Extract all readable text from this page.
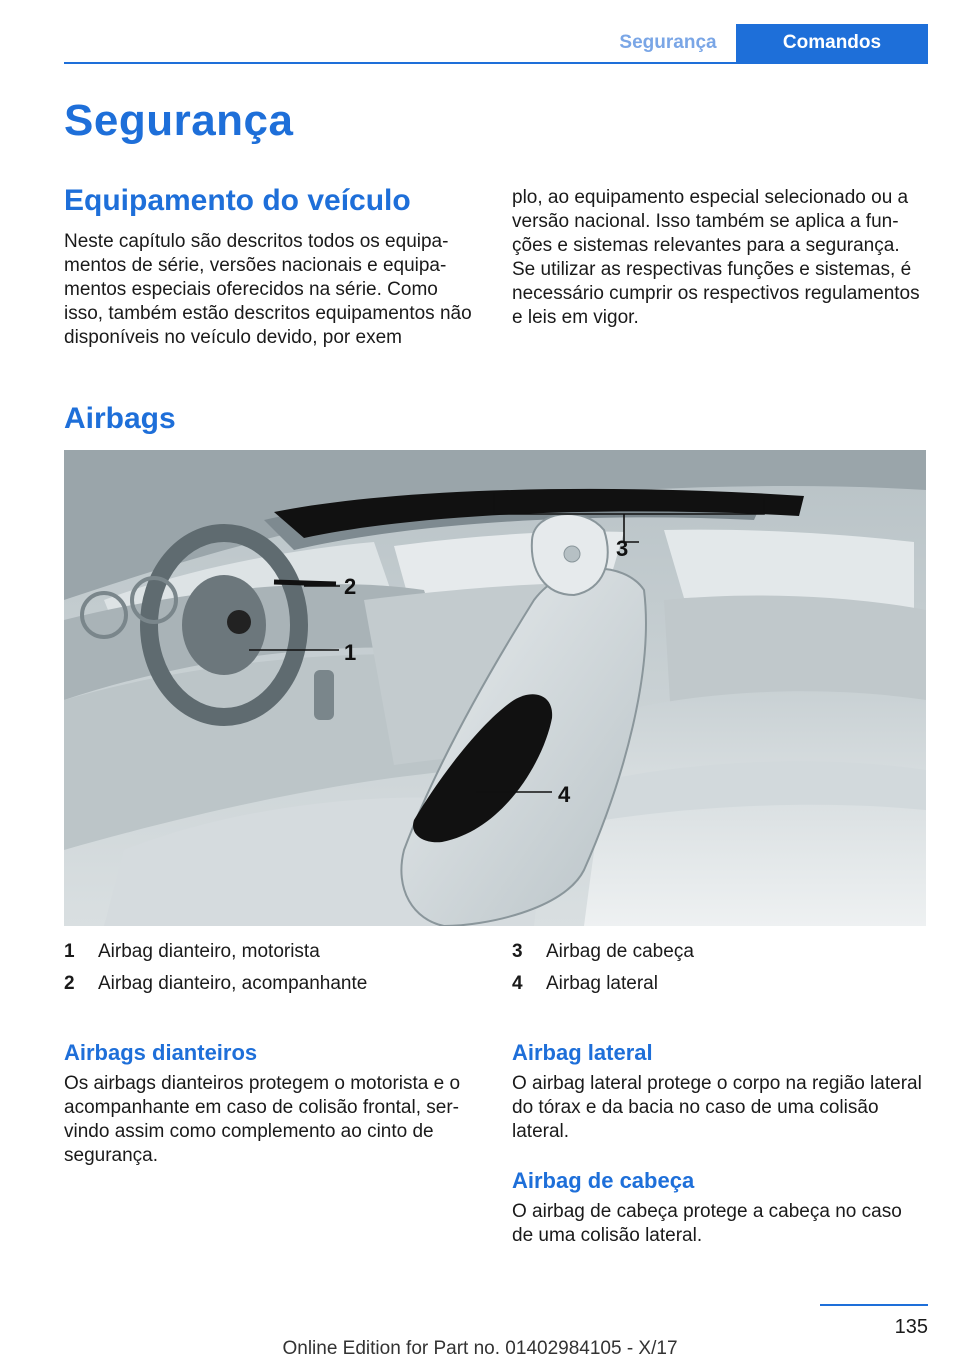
Segurança	Comandos
Segurança
Equipamento do veículo

Neste capítulo são descritos todos os equipamentos de série, versões nacionais e equipamentos especiais oferecidos na série. Como isso, também estão descritos equipamentos não disponíveis no veículo devido, por exem

plo, ao equipamento especial selecionado ou a versão nacional. Isso também se aplica a funções e sistemas relevantes para a segurança. Se utilizar as respectivas funções e sistemas, é necessário cumprir os respectivos regulamentos e leis em vigor.

Airbags
3
2
1
4
1 Airbag dianteiro, motorista
2 Airbag dianteiro, acompanhante
3 Airbag de cabeça
4 Airbag lateral
Airbags dianteiros

Os airbags dianteiros protegem o motorista e o acompanhante em caso de colisão frontal, servindo assim como complemento ao cinto de segurança.

Airbag lateral

O airbag lateral protege o corpo na região lateral do tórax e da bacia no caso de uma colisão lateral.

Airbag de cabeça

O airbag de cabeça protege a cabeça no caso de uma colisão lateral.

135
Online Edition for Part no. 01402984105 - X/17
